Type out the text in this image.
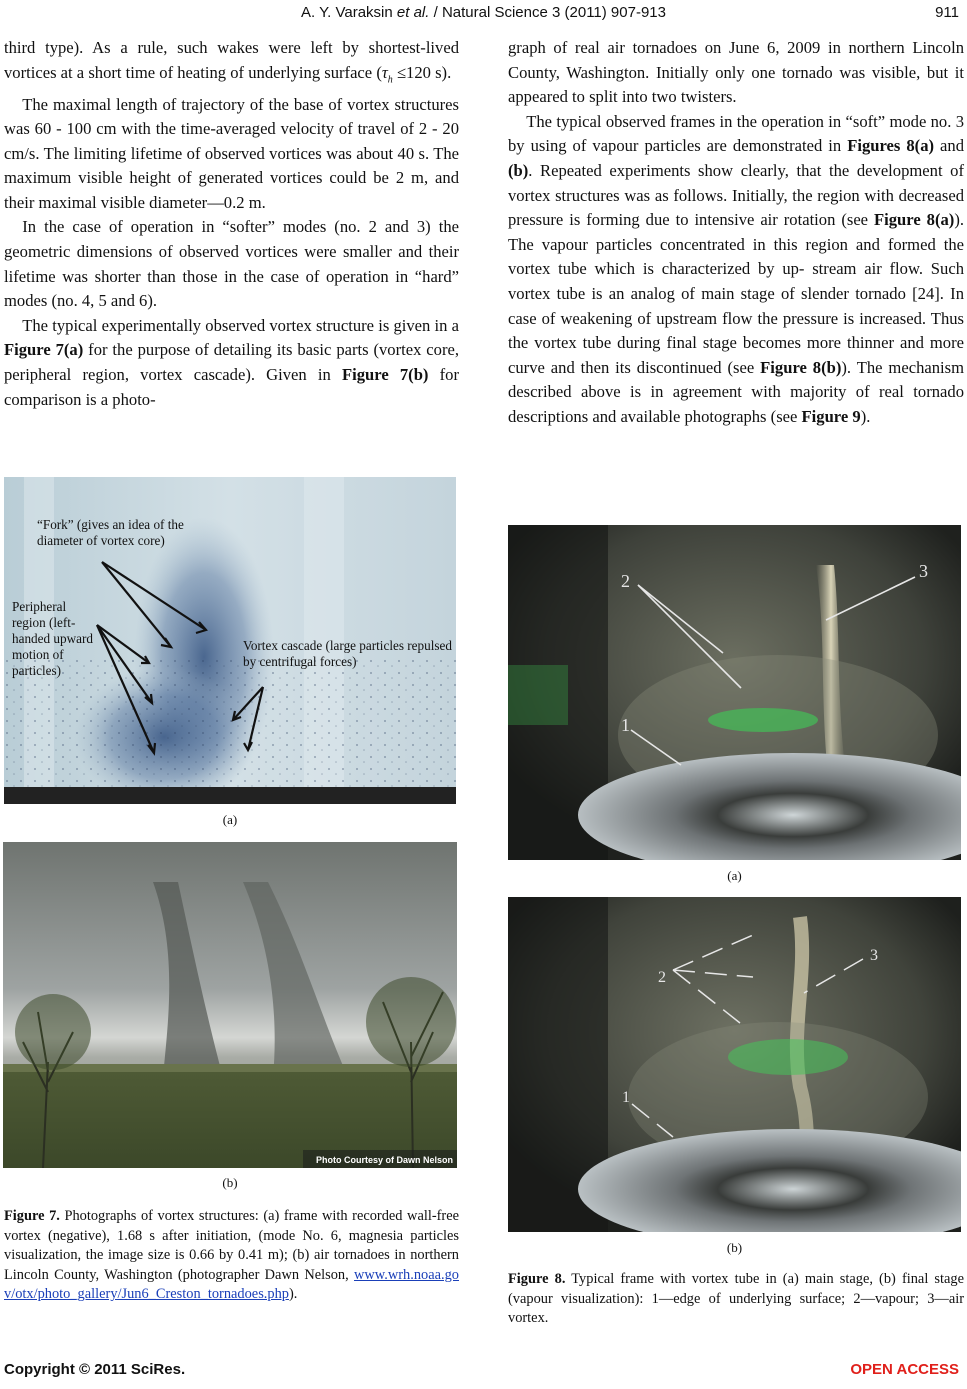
A. Y. Varaksin et al. / Natural Science 3 (2011) 907-913	911

third type). As a rule, such wakes were left by shortest-lived vortices at a short time of heating of underlying surface ($\tau_h \le 120$ s).

The maximal length of trajectory of the base of vortex structures was 60 - 100 cm with the time-averaged velocity of travel of 2 - 20 cm/s. The limiting lifetime of observed vortices was about 40 s. The maximum visible height of generated vortices could be 2 m, and their maximal visible diameter—0.2 m.

In the case of operation in “softer” modes (no. 2 and 3) the geometric dimensions of observed vortices were smaller and their lifetime was shorter than those in the case of operation in “hard” modes (no. 4, 5 and 6).

The typical experimentally observed vortex structure is given in a Figure 7(a) for the purpose of detailing its basic parts (vortex core, peripheral region, vortex cascade). Given in Figure 7(b) for comparison is a photo-

“Fork” (gives an idea of the diameter of vortex core)
Peripheral region (left-handed upward motion of particles)
Vortex cascade (large particles repulsed by centrifugal forces)
(a)
Photo Courtesy of Dawn Nelson
(b)
Figure 7. Photographs of vortex structures: (a) frame with recorded wall-free vortex (negative), 1.68 s after initiation, (mode No. 6, magnesia particles visualization, the image size is 0.66 by 0.41 m); (b) air tornadoes in northern Lincoln County, Washington (photographer Dawn Nelson, www.wrh.noaa.gov/otx/photo_gallery/Jun6_Creston_tornadoes.php).

graph of real air tornadoes on June 6, 2009 in northern Lincoln County, Washington. Initially only one tornado was visible, but it appeared to split into two twisters.

The typical observed frames in the operation in “soft” mode no. 3 by using of vapour particles are demonstrated in Figures 8(a) and (b). Repeated experiments show clearly, that the development of vortex structures was as follows. Initially, the region with decreased pressure is forming due to intensive air rotation (see Figure 8(a)). The vapour particles concentrated in this region and formed the vortex tube which is characterized by up- stream air flow. Such vortex tube is an analog of main stage of slender tornado [24]. In case of weakening of upstream flow the pressure is increased. Thus the vortex tube during final stage becomes more thinner and more curve and then its discontinued (see Figure 8(b)). The mechanism described above is in agreement with majority of real tornado descriptions and available photographs (see Figure 9).

2	3
1
(a)
2
3
1
(b)
Figure 8. Typical frame with vortex tube in (a) main stage, (b) final stage (vapour visualization): 1—edge of underlying surface; 2—vapour; 3—air vortex.
Copyright © 2011 SciRes.	OPEN ACCESS
